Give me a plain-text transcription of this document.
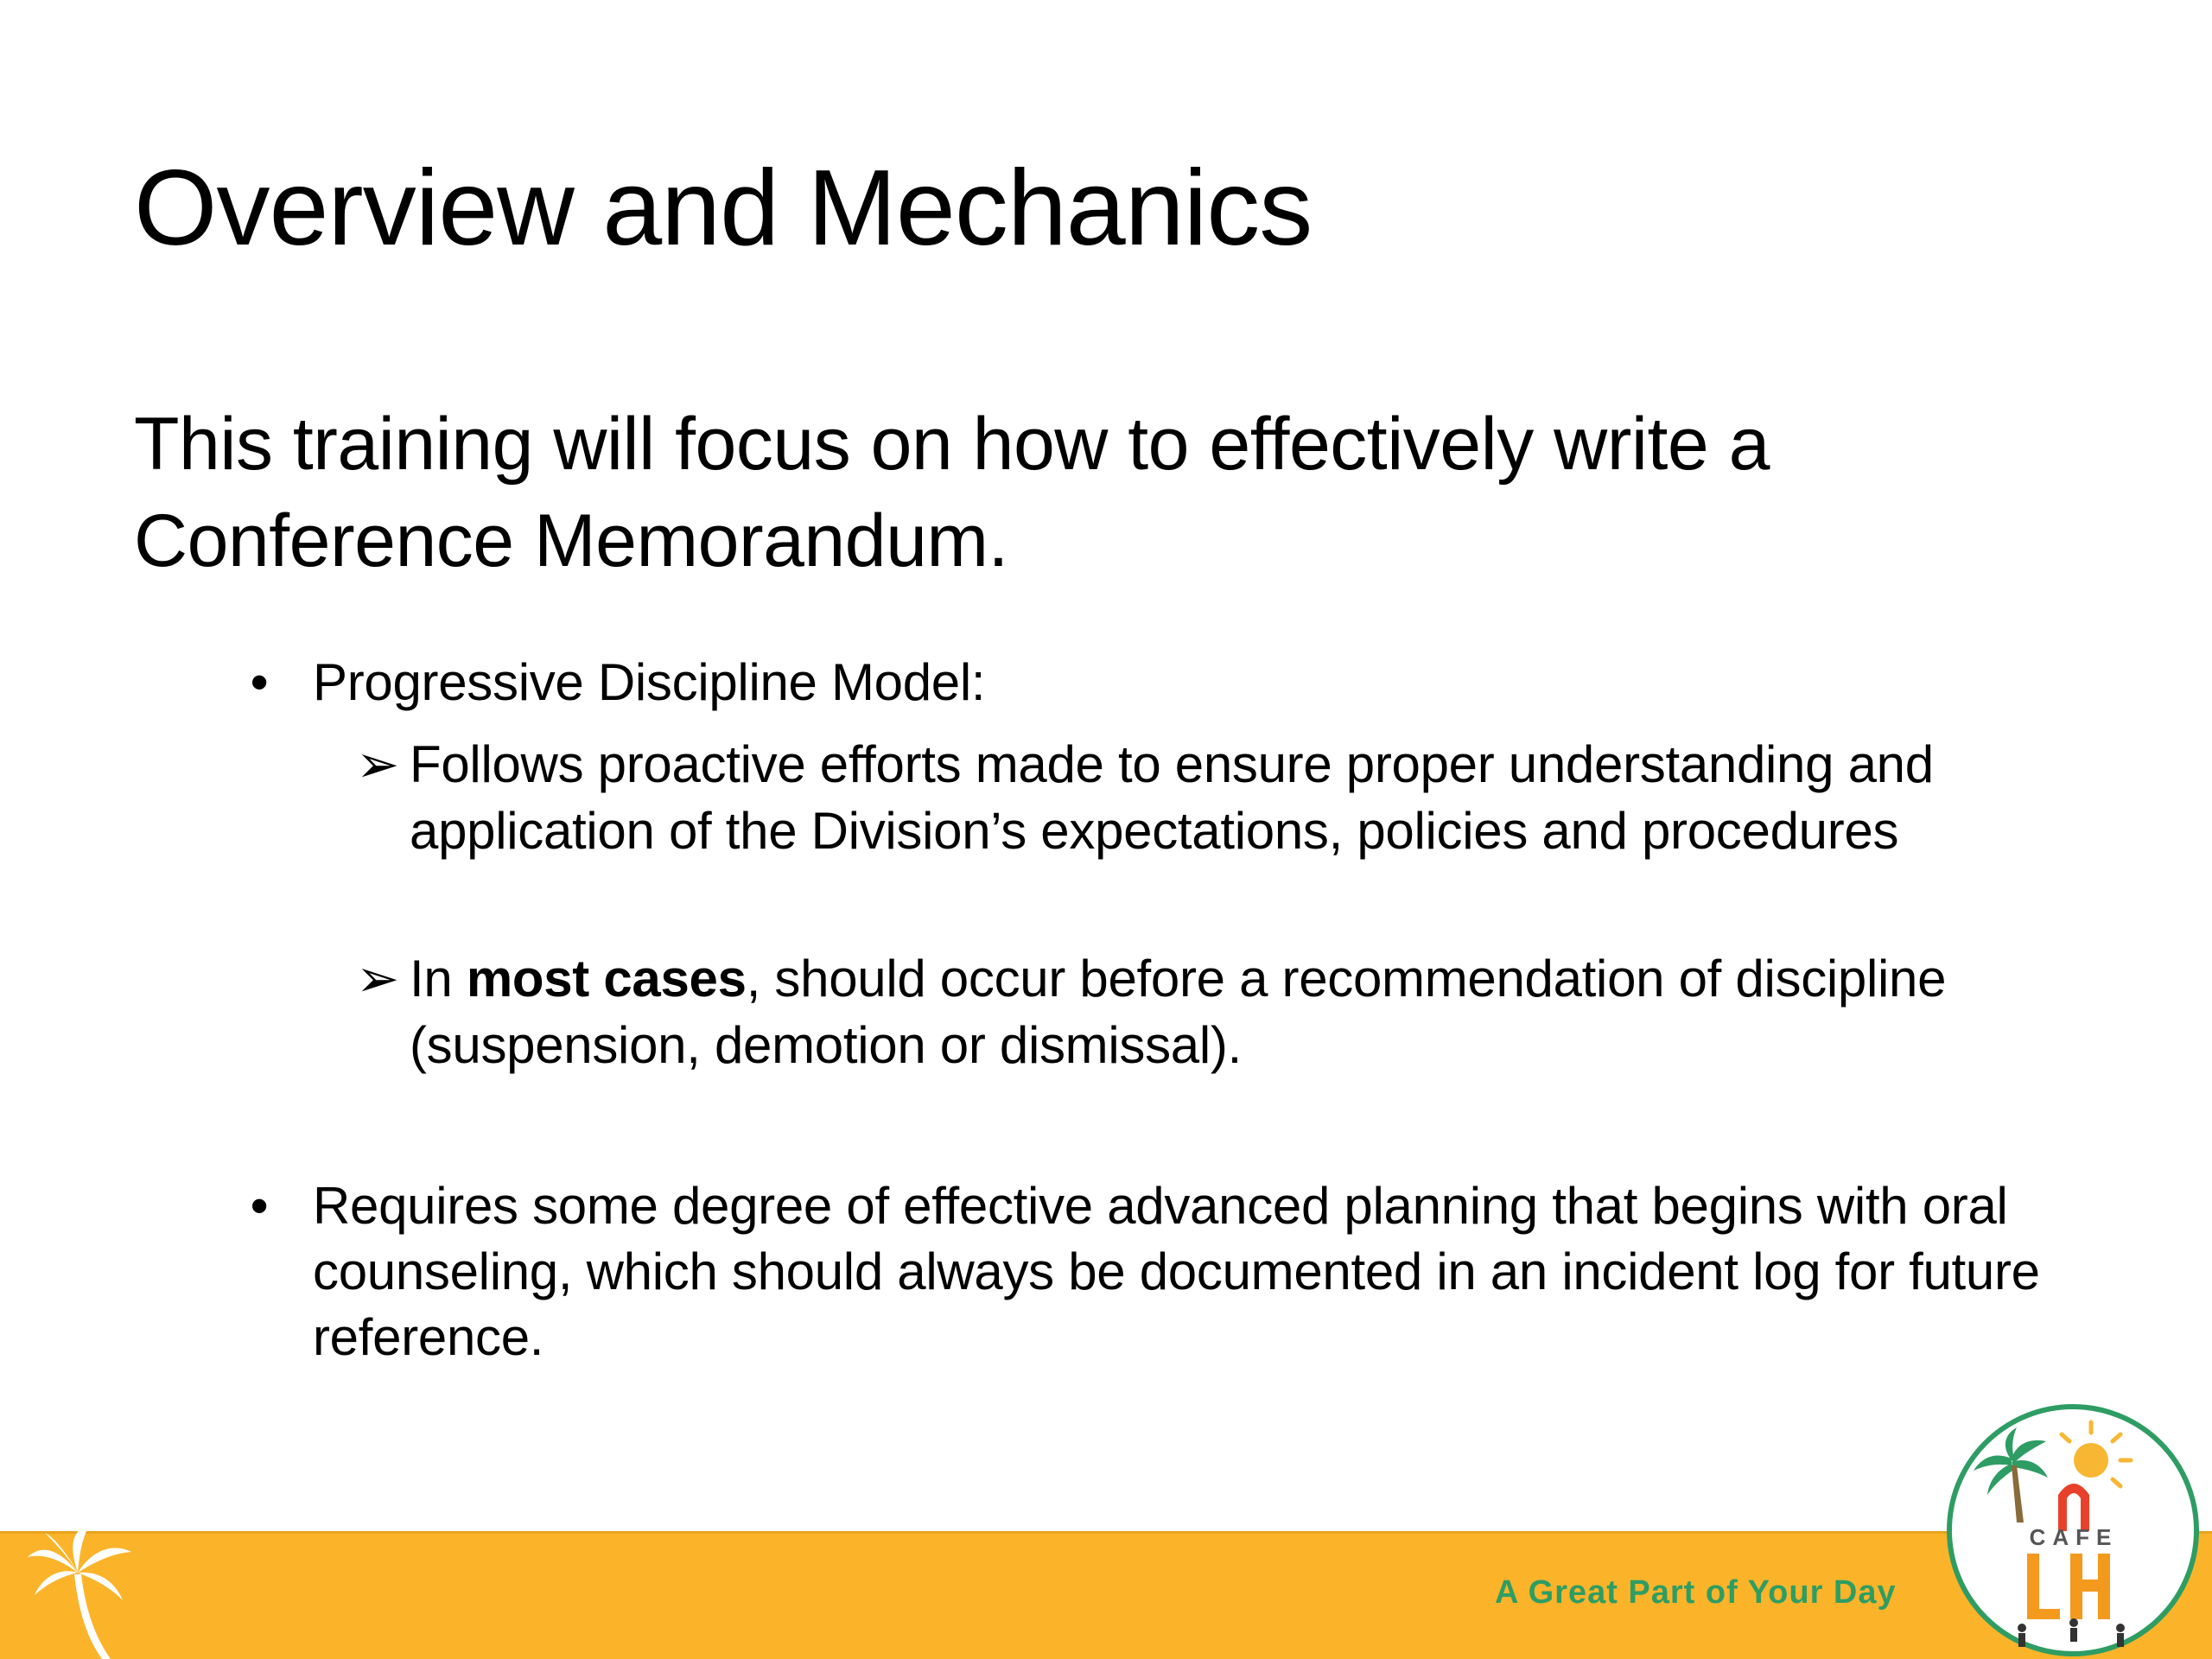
Overview and Mechanics

This training will focus on how to effectively write a Conference Memorandum.

• Progressive Discipline Model:
➢ Follows proactive efforts made to ensure proper understanding and application of the Division’s expectations, policies and procedures
➢ In most cases, should occur before a recommendation of discipline (suspension, demotion or dismissal).
• Requires some degree of effective advanced planning that begins with oral counseling, which should always be documented in an incident log for future reference.
A Great Part of Your Day
CAFE
